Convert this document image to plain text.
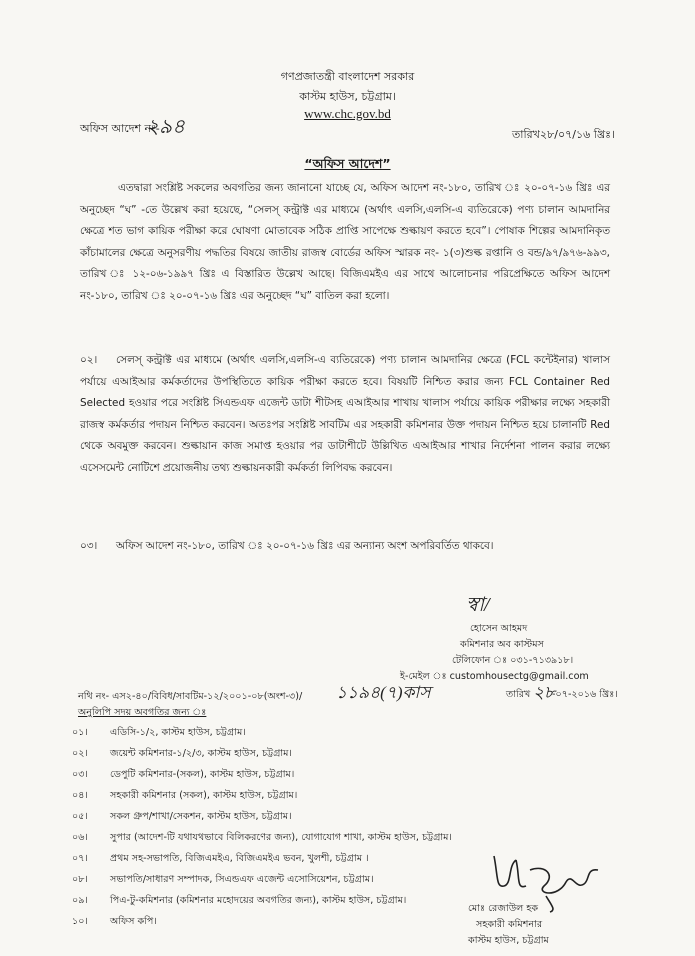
গণপ্রজাতন্ত্রী বাংলাদেশ সরকার
কাস্টম হাউস, চট্টগ্রাম।
www.chc.gov.bd
অফিস আদেশ নং-
২৯৪	তারিখ ২৮/০৭/১৬ খ্রিঃ।
“অফিস আদেশ”
এতদ্বারা সংশ্লিষ্ট সকলের অবগতির জন্য জানানো যাচ্ছে যে, অফিস আদেশ নং-১৮০, তারিখ ঃ ২০-০৭-১৬ খ্রিঃ এর অনুচ্ছেদ “ঘ” -তে উল্লেখ করা হয়েছে, “সেলস্‌ কন্ট্রাক্ট এর মাধ্যমে (অর্থাৎ এলসি,এলসি-এ ব্যতিরেকে) পণ্য চালান আমদানির ক্ষেত্রে শত ভাগ কায়িক পরীক্ষা করে ঘোষণা মোতাবেক সঠিক প্রাপ্তি সাপেক্ষে শুল্কায়ণ করতে হবে”। পোষাক শিল্পের আমদানিকৃত কাঁচামালের ক্ষেত্রে অনুসরণীয় পদ্ধতির বিষয়ে জাতীয় রাজস্ব বোর্ডের অফিস স্মারক নং- ১(৩)শুল্ক রপ্তানি ও বন্ড/৯৭/৯৭৬-৯৯৩, তারিখ ঃ ১২-০৬-১৯৯৭ খ্রিঃ এ বিস্তারিত উল্লেখ আছে। বিজিএমইএ এর সাথে আলোচনার পরিপ্রেক্ষিতে অফিস আদেশ নং-১৮০, তারিখ ঃ ২০-০৭-১৬ খ্রিঃ এর অনুচ্ছেদ “ঘ” বাতিল করা হলো।
০২। সেলস্‌ কন্ট্রাক্ট এর মাধ্যমে (অর্থাৎ এলসি,এলসি-এ ব্যতিরেকে) পণ্য চালান আমদানির ক্ষেত্রে (FCL কন্টেইনার) খালাস পর্যায়ে এআইআর কর্মকর্তাদের উপস্থিতিতে কায়িক পরীক্ষা করতে হবে। বিষয়টি নিশ্চিত করার জন্য FCL Container Red Selected হওয়ার পরে সংশ্লিষ্ট সিএন্ডএফ এজেন্ট ডাটা শীটসহ এআইআর শাখায় খালাস পর্যায়ে কায়িক পরীক্ষার লক্ষ্যে সহকারী রাজস্ব কর্মকর্তার পদায়ন নিশ্চিত করবেন। অতঃপর সংশ্লিষ্ট সাবটিম এর সহকারী কমিশনার উক্ত পদায়ন নিশ্চিত হয়ে চালানটি Red থেকে অবমুক্ত করবেন। শুল্কায়ান কাজ সমাপ্ত হওয়ার পর ডাটাশীটে উল্লিখিত এআইআর শাখার নির্দেশনা পালন করার লক্ষ্যে এসেসমেন্ট নোটিশে প্রয়োজনীয় তথ্য শুল্কায়নকারী কর্মকর্তা লিপিবদ্ধ করবেন।
০৩। অফিস আদেশ নং-১৮০, তারিখ ঃ ২০-০৭-১৬ খ্রিঃ এর অন্যান্য অংশ অপরিবর্তিত থাকবে।
স্বা/
হোসেন আহমদ
কমিশনার অব কাস্টমস
টেলিফোন ঃ ০৩১-৭১৩৯১৮।
ই-মেইল ঃ customhousectg@gmail.com
নথি নং- এস২-৪০/বিবিধ/সাবটিম-১২/২০০১-০৮(অংশ-৩)/ ১১৯৪(৭)কাস	তারিখ ২৮
-০৭-২০১৬ খ্রিঃ।
অনুলিপি সদয় অবগতির জন্য ঃ
০১। এডিসি-১/২, কাস্টম হাউস, চট্টগ্রাম।
০২। জয়েন্ট কমিশনার-১/২/৩, কাস্টম হাউস, চট্টগ্রাম।
০৩। ডেপুটি কমিশনার-(সকল), কাস্টম হাউস, চট্টগ্রাম।
০৪। সহকারী কমিশনার (সকল), কাস্টম হাউস, চট্টগ্রাম।
০৫। সকল গ্রুপ/শাখা/সেকশন, কাস্টম হাউস, চট্টগ্রাম।
০৬। সুপার (আদেশ-টি যথাযথভাবে বিলিকরণের জন্য), যোগাযোগ শাখা, কাস্টম হাউস, চট্টগ্রাম।
০৭। প্রথম সহ-সভাপতি, বিজিএমইএ, বিজিএমইএ ভবন, খুলশী, চট্টগ্রাম ।
০৮। সভাপতি/সাধারণ সম্পাদক, সিএন্ডএফ এজেন্ট এসোসিয়েশন, চট্টগ্রাম।
০৯। পিএ-টু-কমিশনার (কমিশনার মহোদয়ের অবগতির জন্য), কাস্টম হাউস, চট্টগ্রাম।
১০। অফিস কপি।
মোঃ রেজাউল হক
সহকারী কমিশনার
কাস্টম হাউস, চট্টগ্রাম
